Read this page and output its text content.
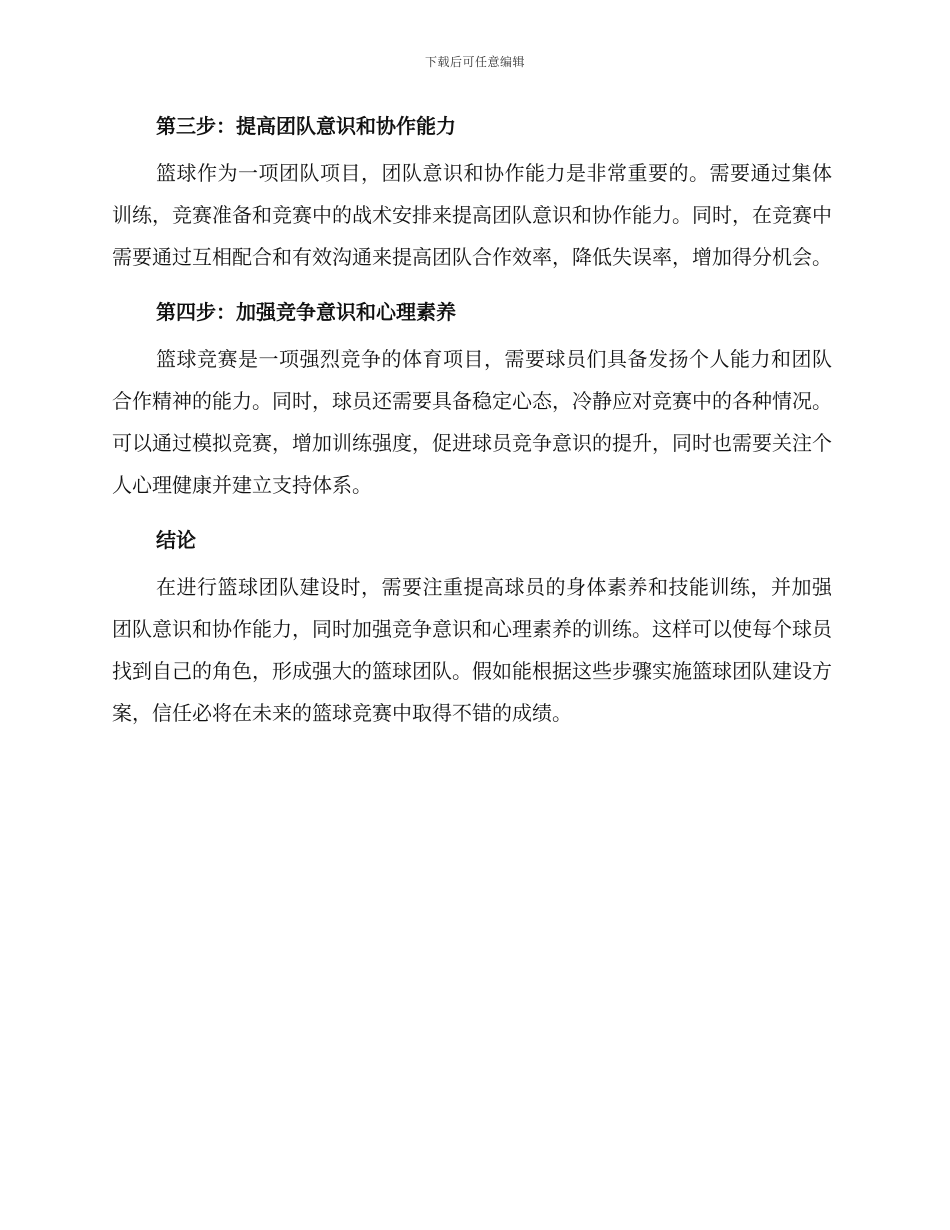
下载后可任意编辑
第三步：提高团队意识和协作能力

篮球作为一项团队项目，团队意识和协作能力是非常重要的。需要通过集体训练，竞赛准备和竞赛中的战术安排来提高团队意识和协作能力。同时，在竞赛中需要通过互相配合和有效沟通来提高团队合作效率，降低失误率，增加得分机会。

第四步：加强竞争意识和心理素养

篮球竞赛是一项强烈竞争的体育项目，需要球员们具备发扬个人能力和团队合作精神的能力。同时，球员还需要具备稳定心态，冷静应对竞赛中的各种情况。可以通过模拟竞赛，增加训练强度，促进球员竞争意识的提升，同时也需要关注个人心理健康并建立支持体系。

结论

在进行篮球团队建设时，需要注重提高球员的身体素养和技能训练，并加强团队意识和协作能力，同时加强竞争意识和心理素养的训练。这样可以使每个球员找到自己的角色，形成强大的篮球团队。假如能根据这些步骤实施篮球团队建设方案，信任必将在未来的篮球竞赛中取得不错的成绩。
